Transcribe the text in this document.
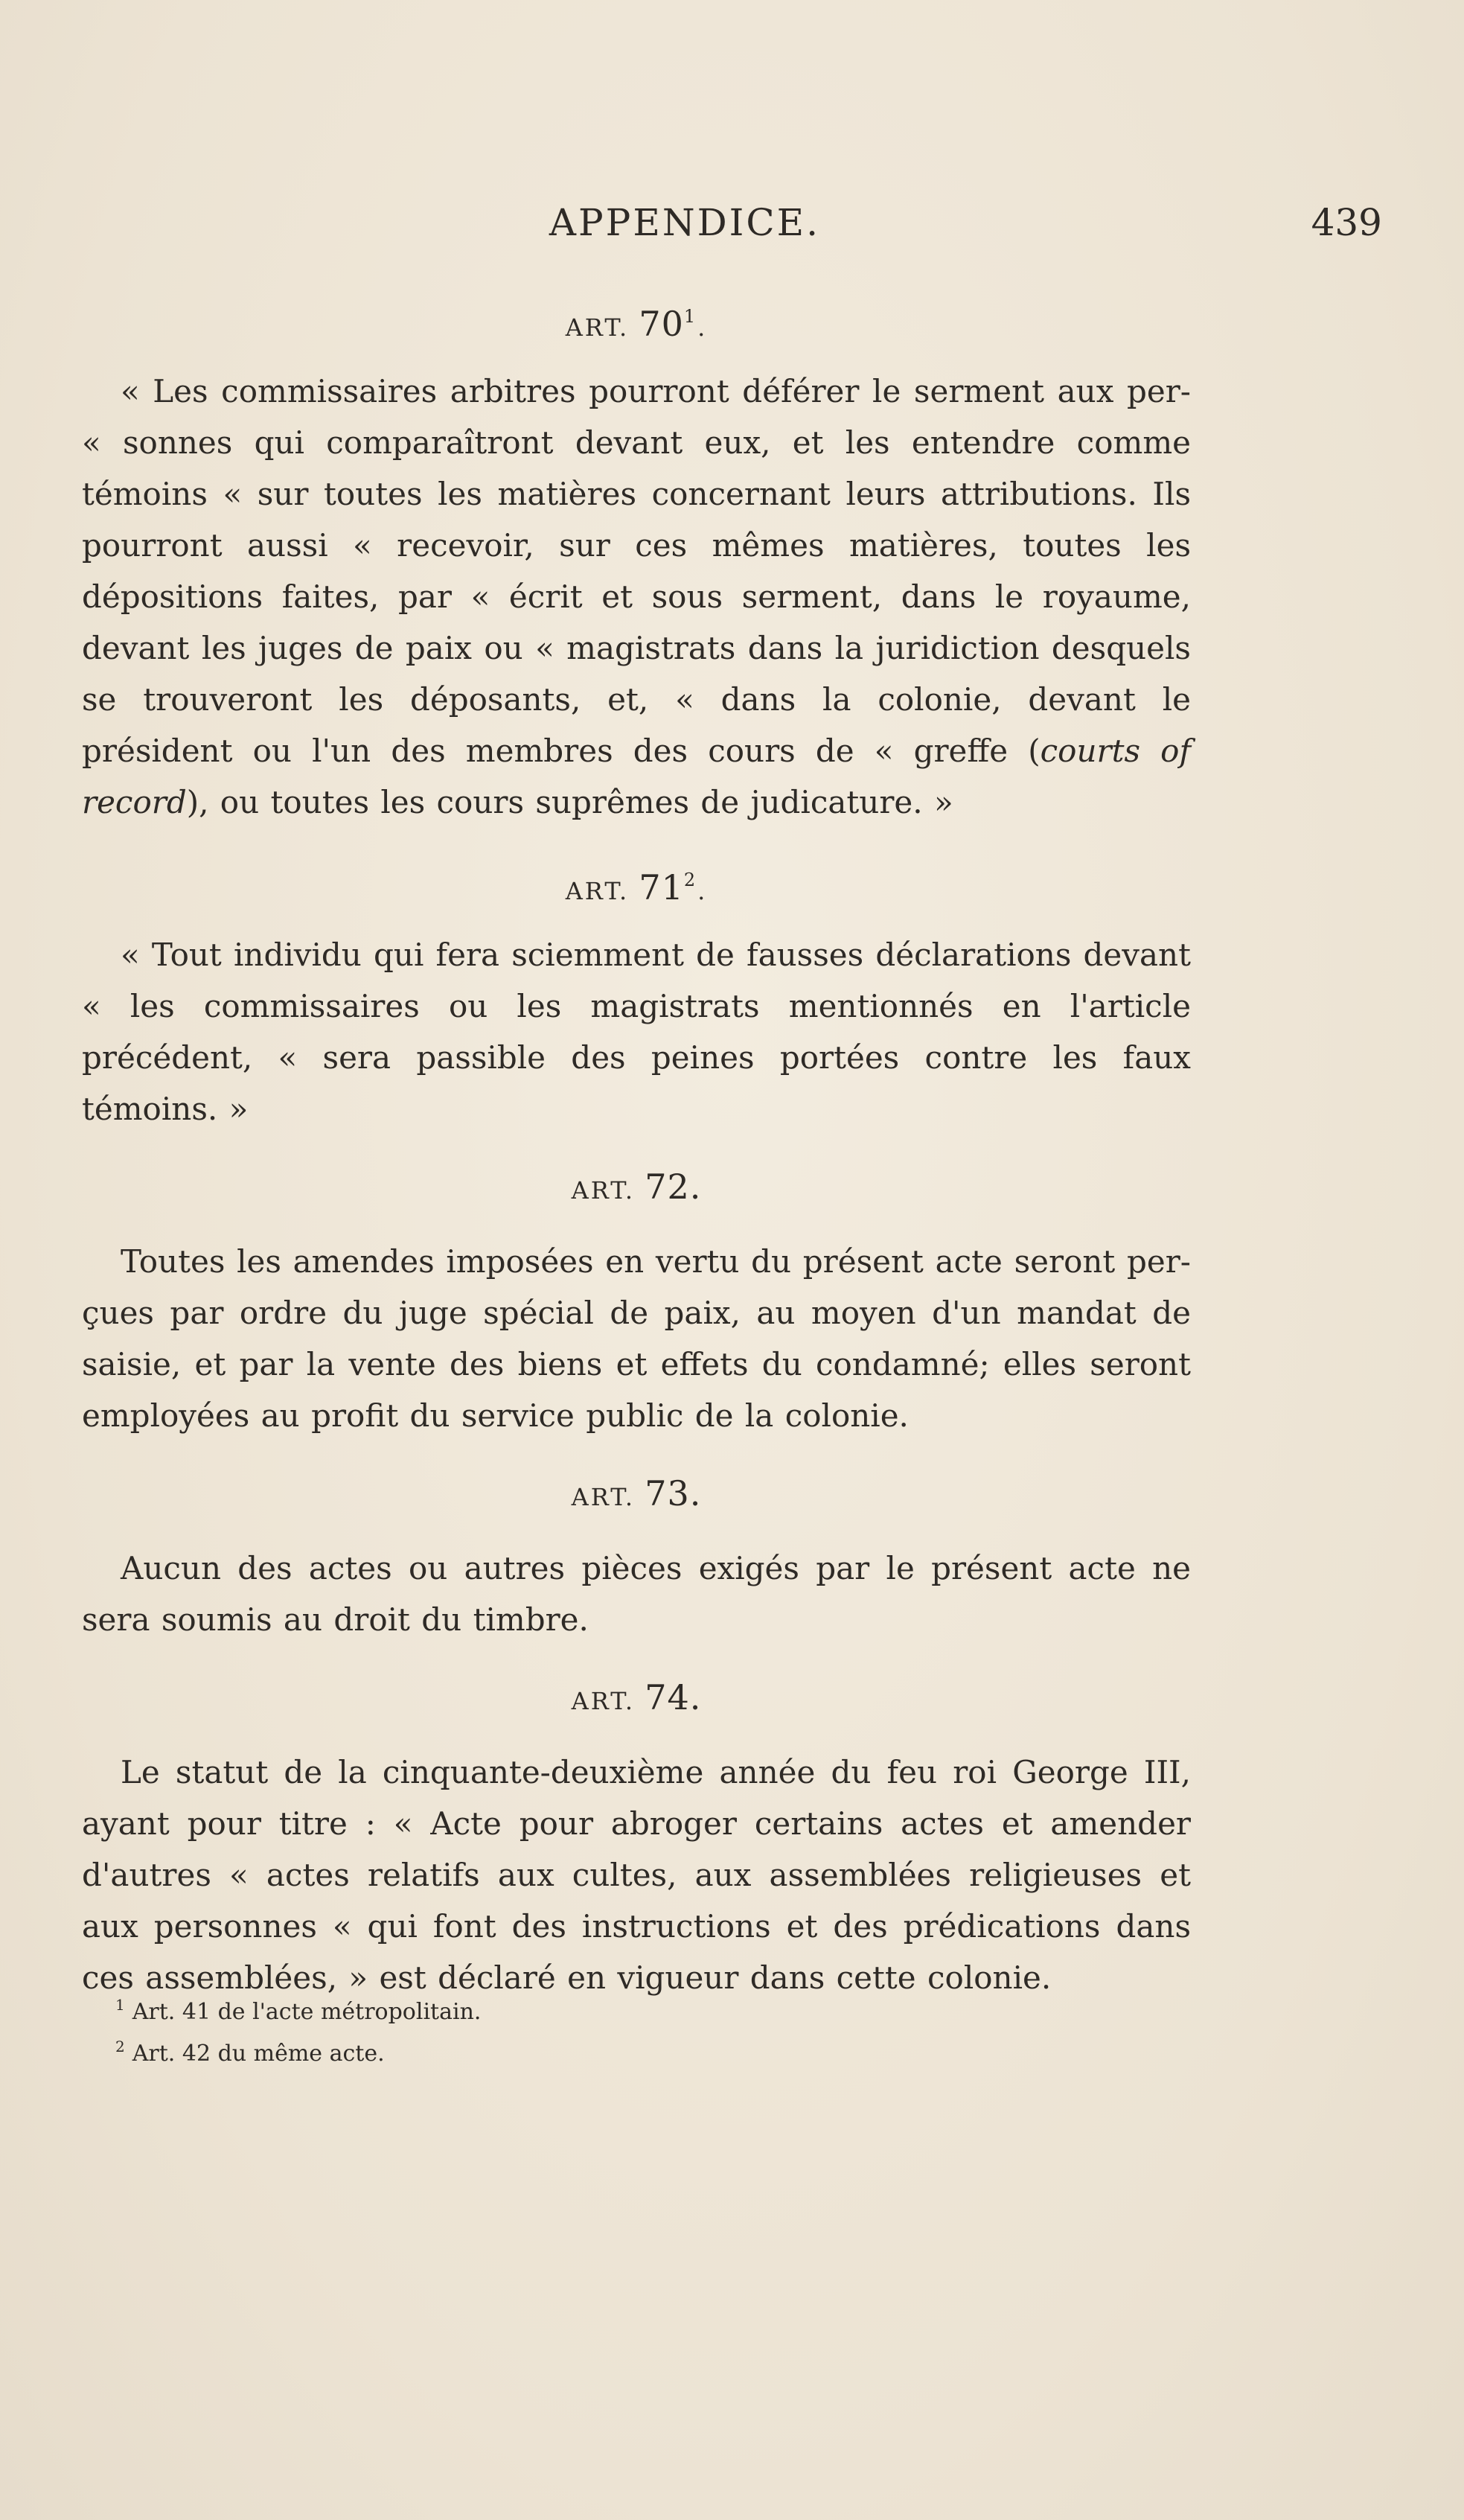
APPENDICE.	439
ART. $70^1$.

« Les commissaires arbitres pourront déférer le serment aux per- « sonnes qui comparaîtront devant eux, et les entendre comme témoins « sur toutes les matières concernant leurs attributions. Ils pourront aussi « recevoir, sur ces mêmes matières, toutes les dépositions faites, par « écrit et sous serment, dans le royaume, devant les juges de paix ou « magistrats dans la juridiction desquels se trouveront les déposants, et, « dans la colonie, devant le président ou l'un des membres des cours de « greffe (courts of record), ou toutes les cours suprêmes de judicature. »

ART. $71^2$.

« Tout individu qui fera sciemment de fausses déclarations devant « les commissaires ou les magistrats mentionnés en l'article précédent, « sera passible des peines portées contre les faux témoins. »

ART. 72.

Toutes les amendes imposées en vertu du présent acte seront per- çues par ordre du juge spécial de paix, au moyen d'un mandat de saisie, et par la vente des biens et effets du condamné; elles seront employées au profit du service public de la colonie.

ART. 73.

Aucun des actes ou autres pièces exigés par le présent acte ne sera soumis au droit du timbre.

ART. 74.

Le statut de la cinquante-deuxième année du feu roi George III, ayant pour titre : « Acte pour abroger certains actes et amender d'autres « actes relatifs aux cultes, aux assemblées religieuses et aux personnes « qui font des instructions et des prédications dans ces assemblées, » est déclaré en vigueur dans cette colonie.

$^1$ Art. 41 de l'acte métropolitain.

$^2$ Art. 42 du même acte.
